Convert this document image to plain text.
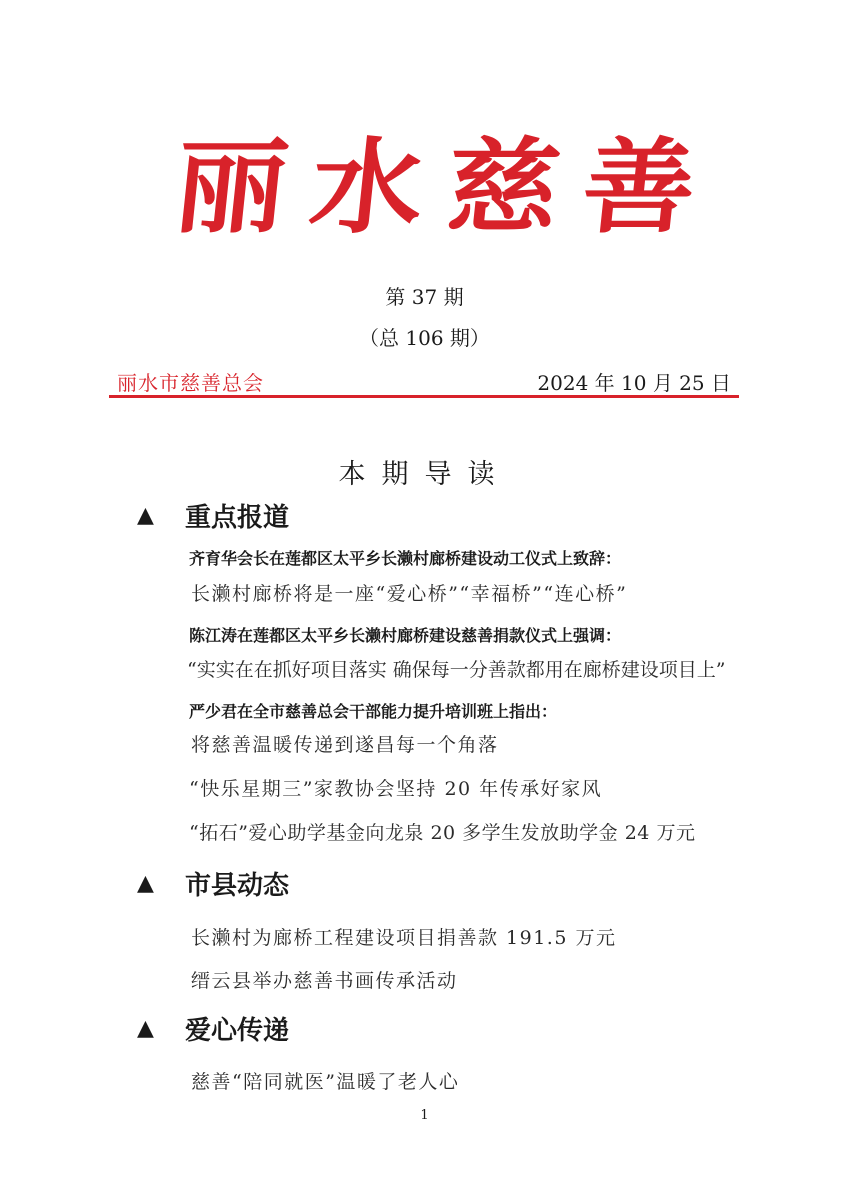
丽 水 慈 善
第 37 期
（总 106 期）
丽水市慈善总会	2024 年 10 月 25 日
本期导读
▲	重点报道
齐育华会长在莲都区太平乡长濑村廊桥建设动工仪式上致辞：
长濑村廊桥将是一座“爱心桥”“幸福桥”“连心桥”
陈江涛在莲都区太平乡长濑村廊桥建设慈善捐款仪式上强调：
“实实在在抓好项目落实 确保每一分善款都用在廊桥建设项目上”
严少君在全市慈善总会干部能力提升培训班上指出：
将慈善温暖传递到遂昌每一个角落
“快乐星期三”家教协会坚持 20 年传承好家风
“拓石”爱心助学基金向龙泉 20 多学生发放助学金 24 万元
▲	市县动态
长濑村为廊桥工程建设项目捐善款 191.5 万元
缙云县举办慈善书画传承活动
▲	爱心传递
慈善“陪同就医”温暖了老人心
1
